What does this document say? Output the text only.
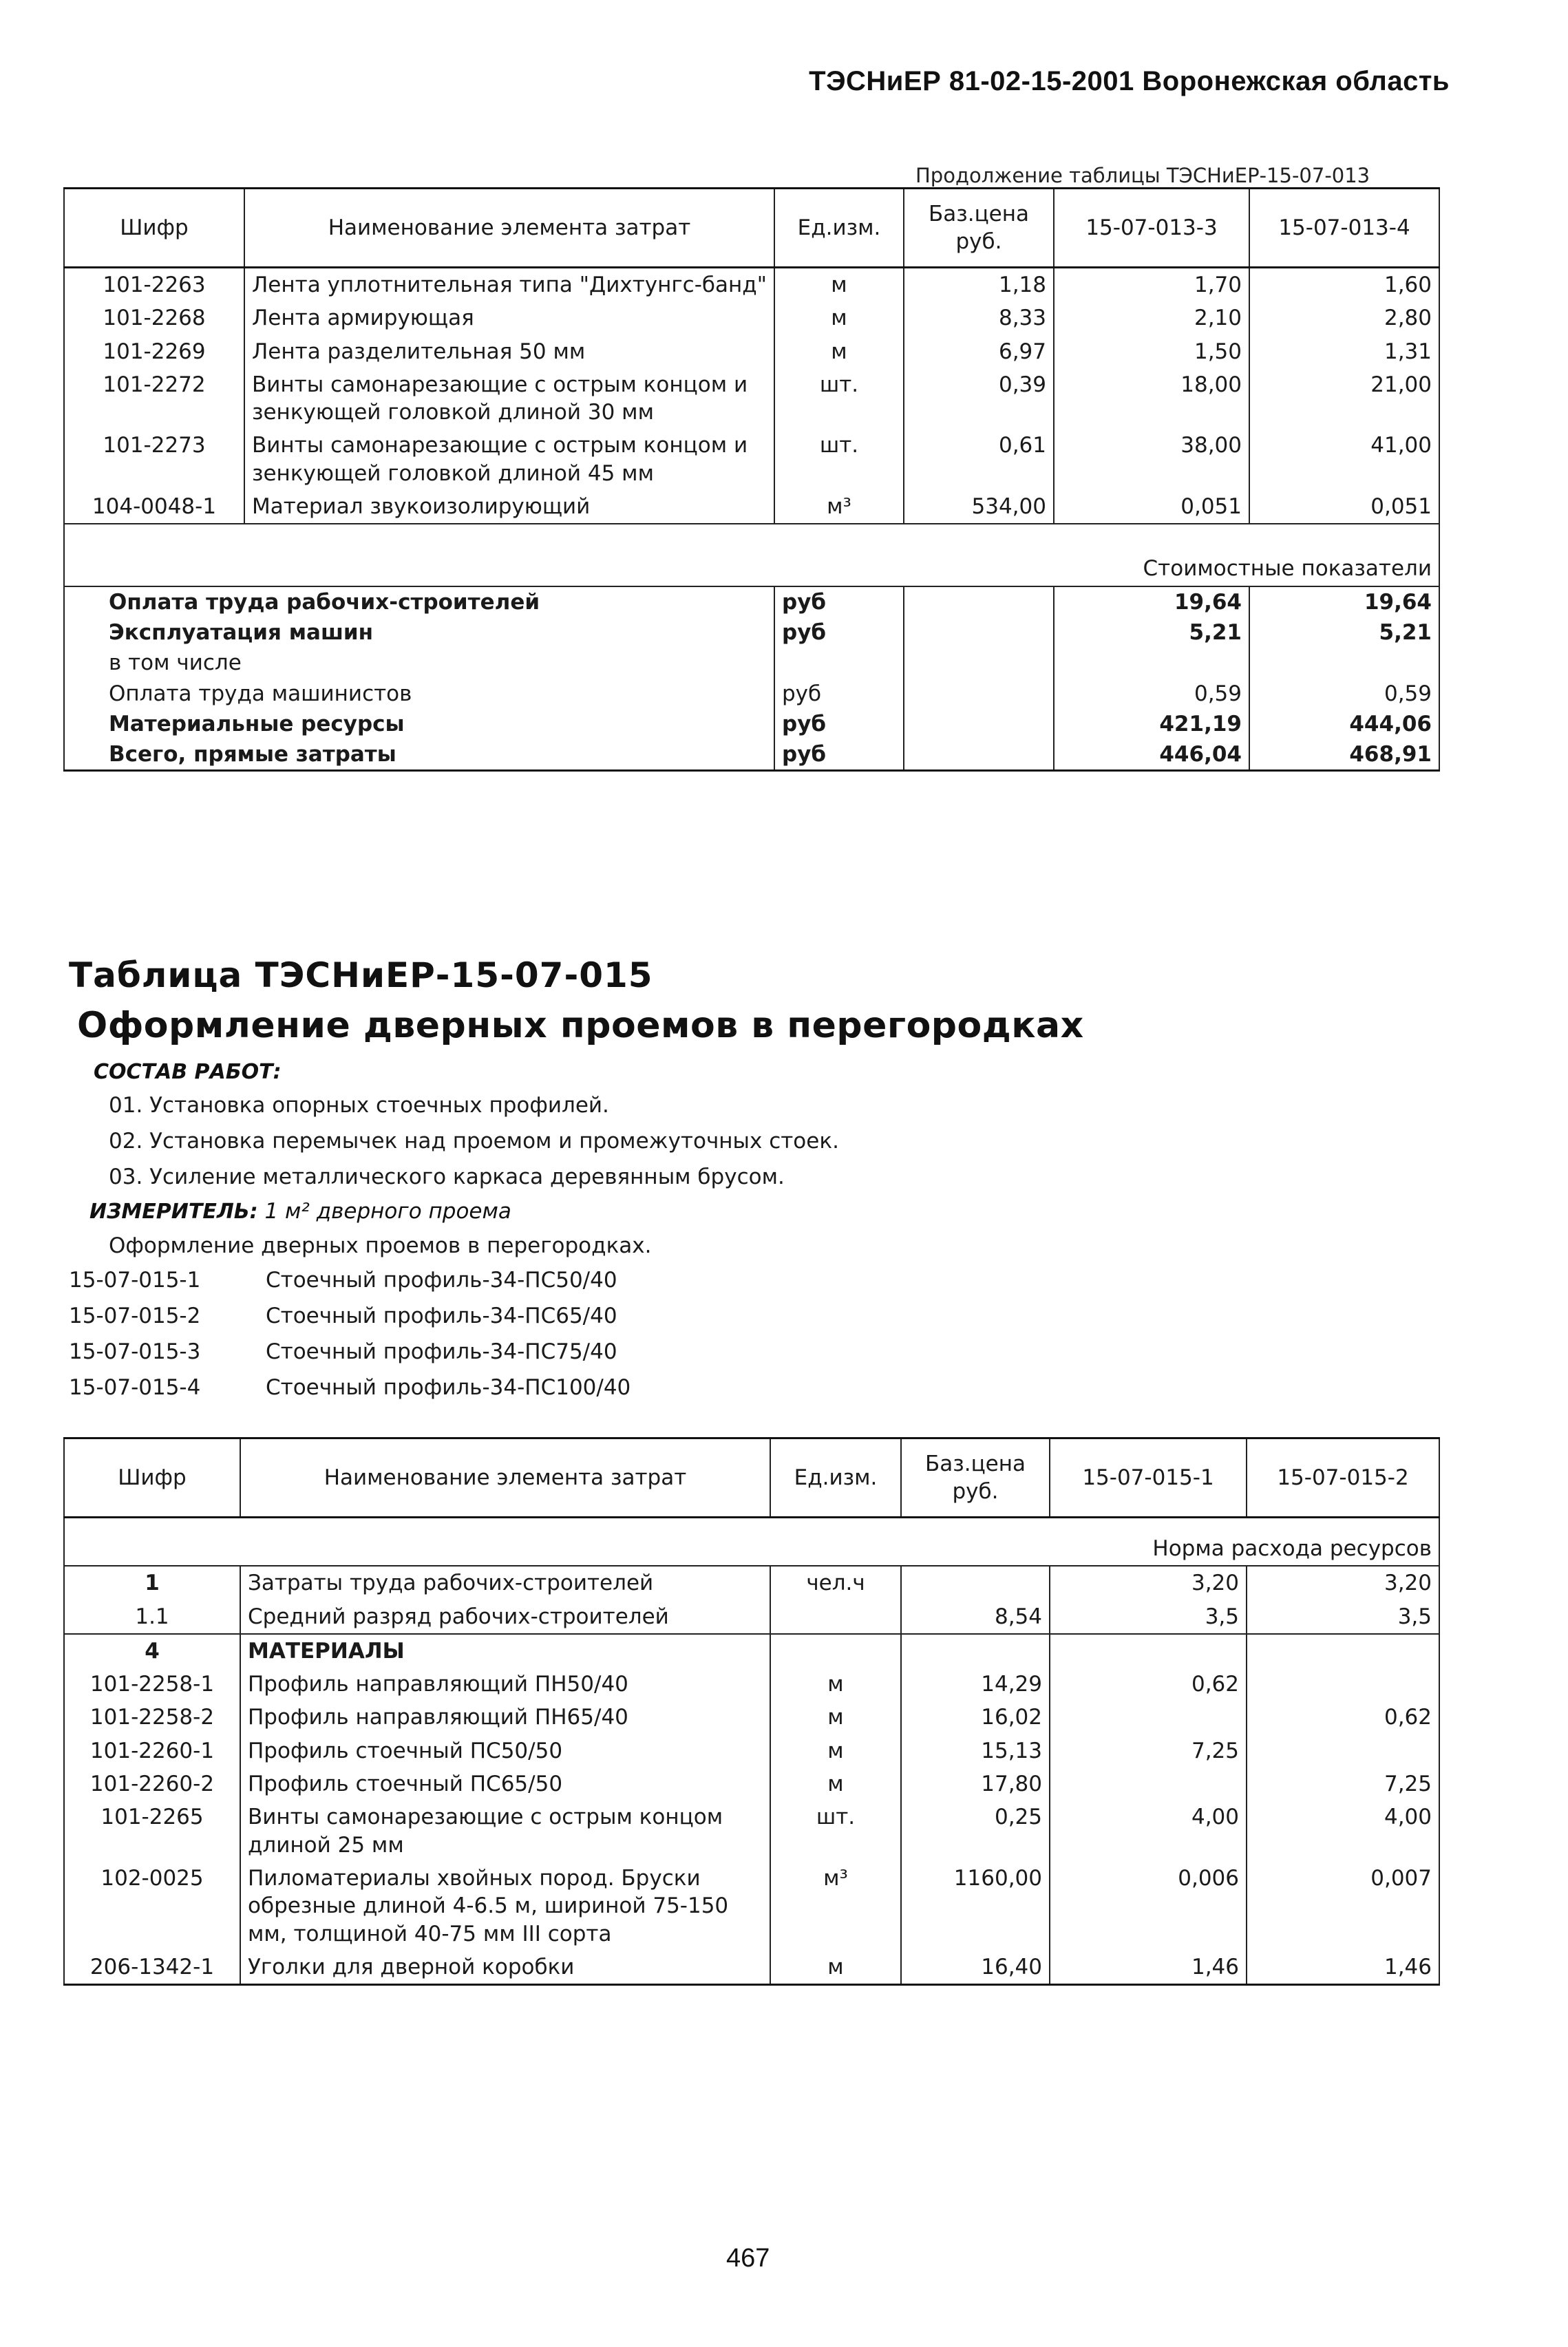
ТЭСНиЕР 81-02-15-2001 Воронежская область
Продолжение таблицы ТЭСНиЕР-15-07-013
Шифр	Наименование элемента затрат	Ед.изм.	Баз.цена руб.	15-07-013-3	15-07-013-4
101-2263	Лента уплотнительная типа "Дихтунгс-банд"	м	1,18	1,70	1,60
101-2268	Лента армирующая	м	8,33	2,10	2,80
101-2269	Лента разделительная 50 мм	м	6,97	1,50	1,31
101-2272	Винты самонарезающие с острым концом и зенкующей головкой длиной 30 мм	шт.	0,39	18,00	21,00
101-2273	Винты самонарезающие с острым концом и зенкующей головкой длиной 45 мм	шт.	0,61	38,00	41,00
104-0048-1	Материал звукоизолирующий	м³	534,00	0,051	0,051
Стоимостные показатели					
Оплата труда рабочих-строителей		руб		19,64	19,64
Эксплуатация машин		руб		5,21	5,21
в том числе					
Оплата труда машинистов		руб		0,59	0,59
Материальные ресурсы		руб		421,19	444,06
Всего, прямые затраты		руб		446,04	468,91
Таблица ТЭСНиЕР-15-07-015
Оформление дверных проемов в перегородках
СОСТАВ РАБОТ:
01. Установка опорных стоечных профилей.
02. Установка перемычек над проемом и промежуточных стоек.
03. Усиление металлического каркаса деревянным брусом.
ИЗМЕРИТЕЛЬ: 1 м² дверного проема
Оформление дверных проемов в перегородках.
15-07-015-1	Стоечный профиль-34-ПС50/40
15-07-015-2	Стоечный профиль-34-ПС65/40
15-07-015-3	Стоечный профиль-34-ПС75/40
15-07-015-4	Стоечный профиль-34-ПС100/40
Шифр	Наименование элемента затрат	Ед.изм.	Баз.цена руб.	15-07-015-1	15-07-015-2
Норма расхода ресурсов					
1	Затраты труда рабочих-строителей	чел.ч		3,20	3,20
1.1	Средний разряд рабочих-строителей		8,54	3,5	3,5
4	МАТЕРИАЛЫ				
101-2258-1	Профиль направляющий ПН50/40	м	14,29	0,62	
101-2258-2	Профиль направляющий ПН65/40	м	16,02		0,62
101-2260-1	Профиль стоечный ПС50/50	м	15,13	7,25	
101-2260-2	Профиль стоечный ПС65/50	м	17,80		7,25
101-2265	Винты самонарезающие с острым концом длиной 25 мм	шт.	0,25	4,00	4,00
102-0025	Пиломатериалы хвойных пород. Бруски обрезные длиной 4-6.5 м, шириной 75-150 мм, толщиной 40-75 мм III сорта	м³	1160,00	0,006	0,007
206-1342-1	Уголки для дверной коробки	м	16,40	1,46	1,46
467
